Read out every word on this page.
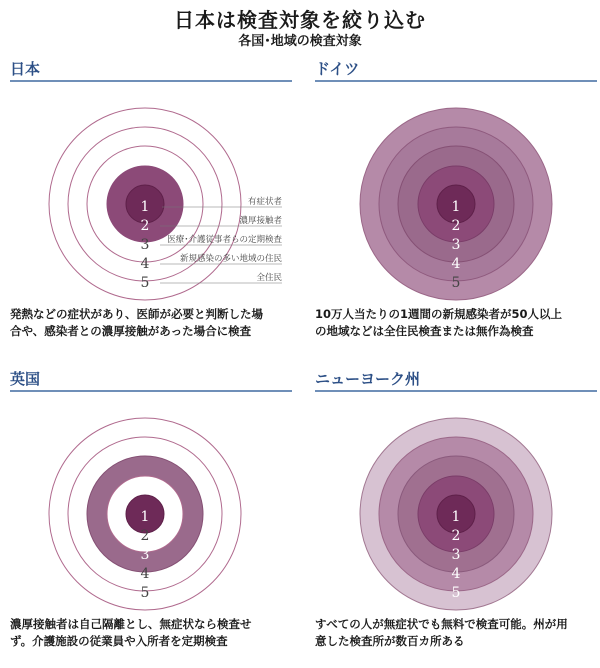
日本は検査対象を絞り込む
各国･地域の検査対象
日本
1
2
3
4
5
有症状者
濃厚接触者
医療･介護従事者らの定期検査
新規感染の多い地域の住民
全住民
発熱などの症状があり、医師が必要と判断した場
合や、感染者との濃厚接触があった場合に検査
ドイツ
1
2
3
4
5
10万人当たりの1週間の新規感染者が50人以上
の地域などは全住民検査または無作為検査
英国
1
2
3
4
5
濃厚接触者は自己隔離とし、無症状なら検査せ
ず。介護施設の従業員や入所者を定期検査
ニューヨーク州
1
2
3
4
5
すべての人が無症状でも無料で検査可能。州が用
意した検査所が数百カ所ある
